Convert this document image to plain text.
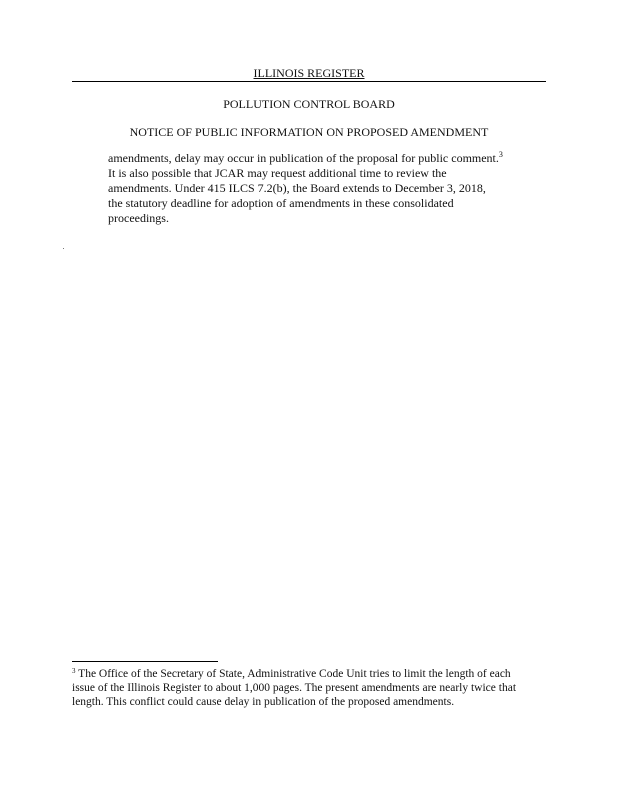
ILLINOIS REGISTER
POLLUTION CONTROL BOARD
NOTICE OF PUBLIC INFORMATION ON PROPOSED AMENDMENT
amendments, delay may occur in publication of the proposal for public comment.$^3$
It is also possible that JCAR may request additional time to review the
amendments. Under 415 ILCS 7.2(b), the Board extends to December 3, 2018,
the statutory deadline for adoption of amendments in these consolidated
proceedings.
$^3$ The Office of the Secretary of State, Administrative Code Unit tries to limit the length of each
issue of the Illinois Register to about 1,000 pages. The present amendments are nearly twice that
length. This conflict could cause delay in publication of the proposed amendments.
